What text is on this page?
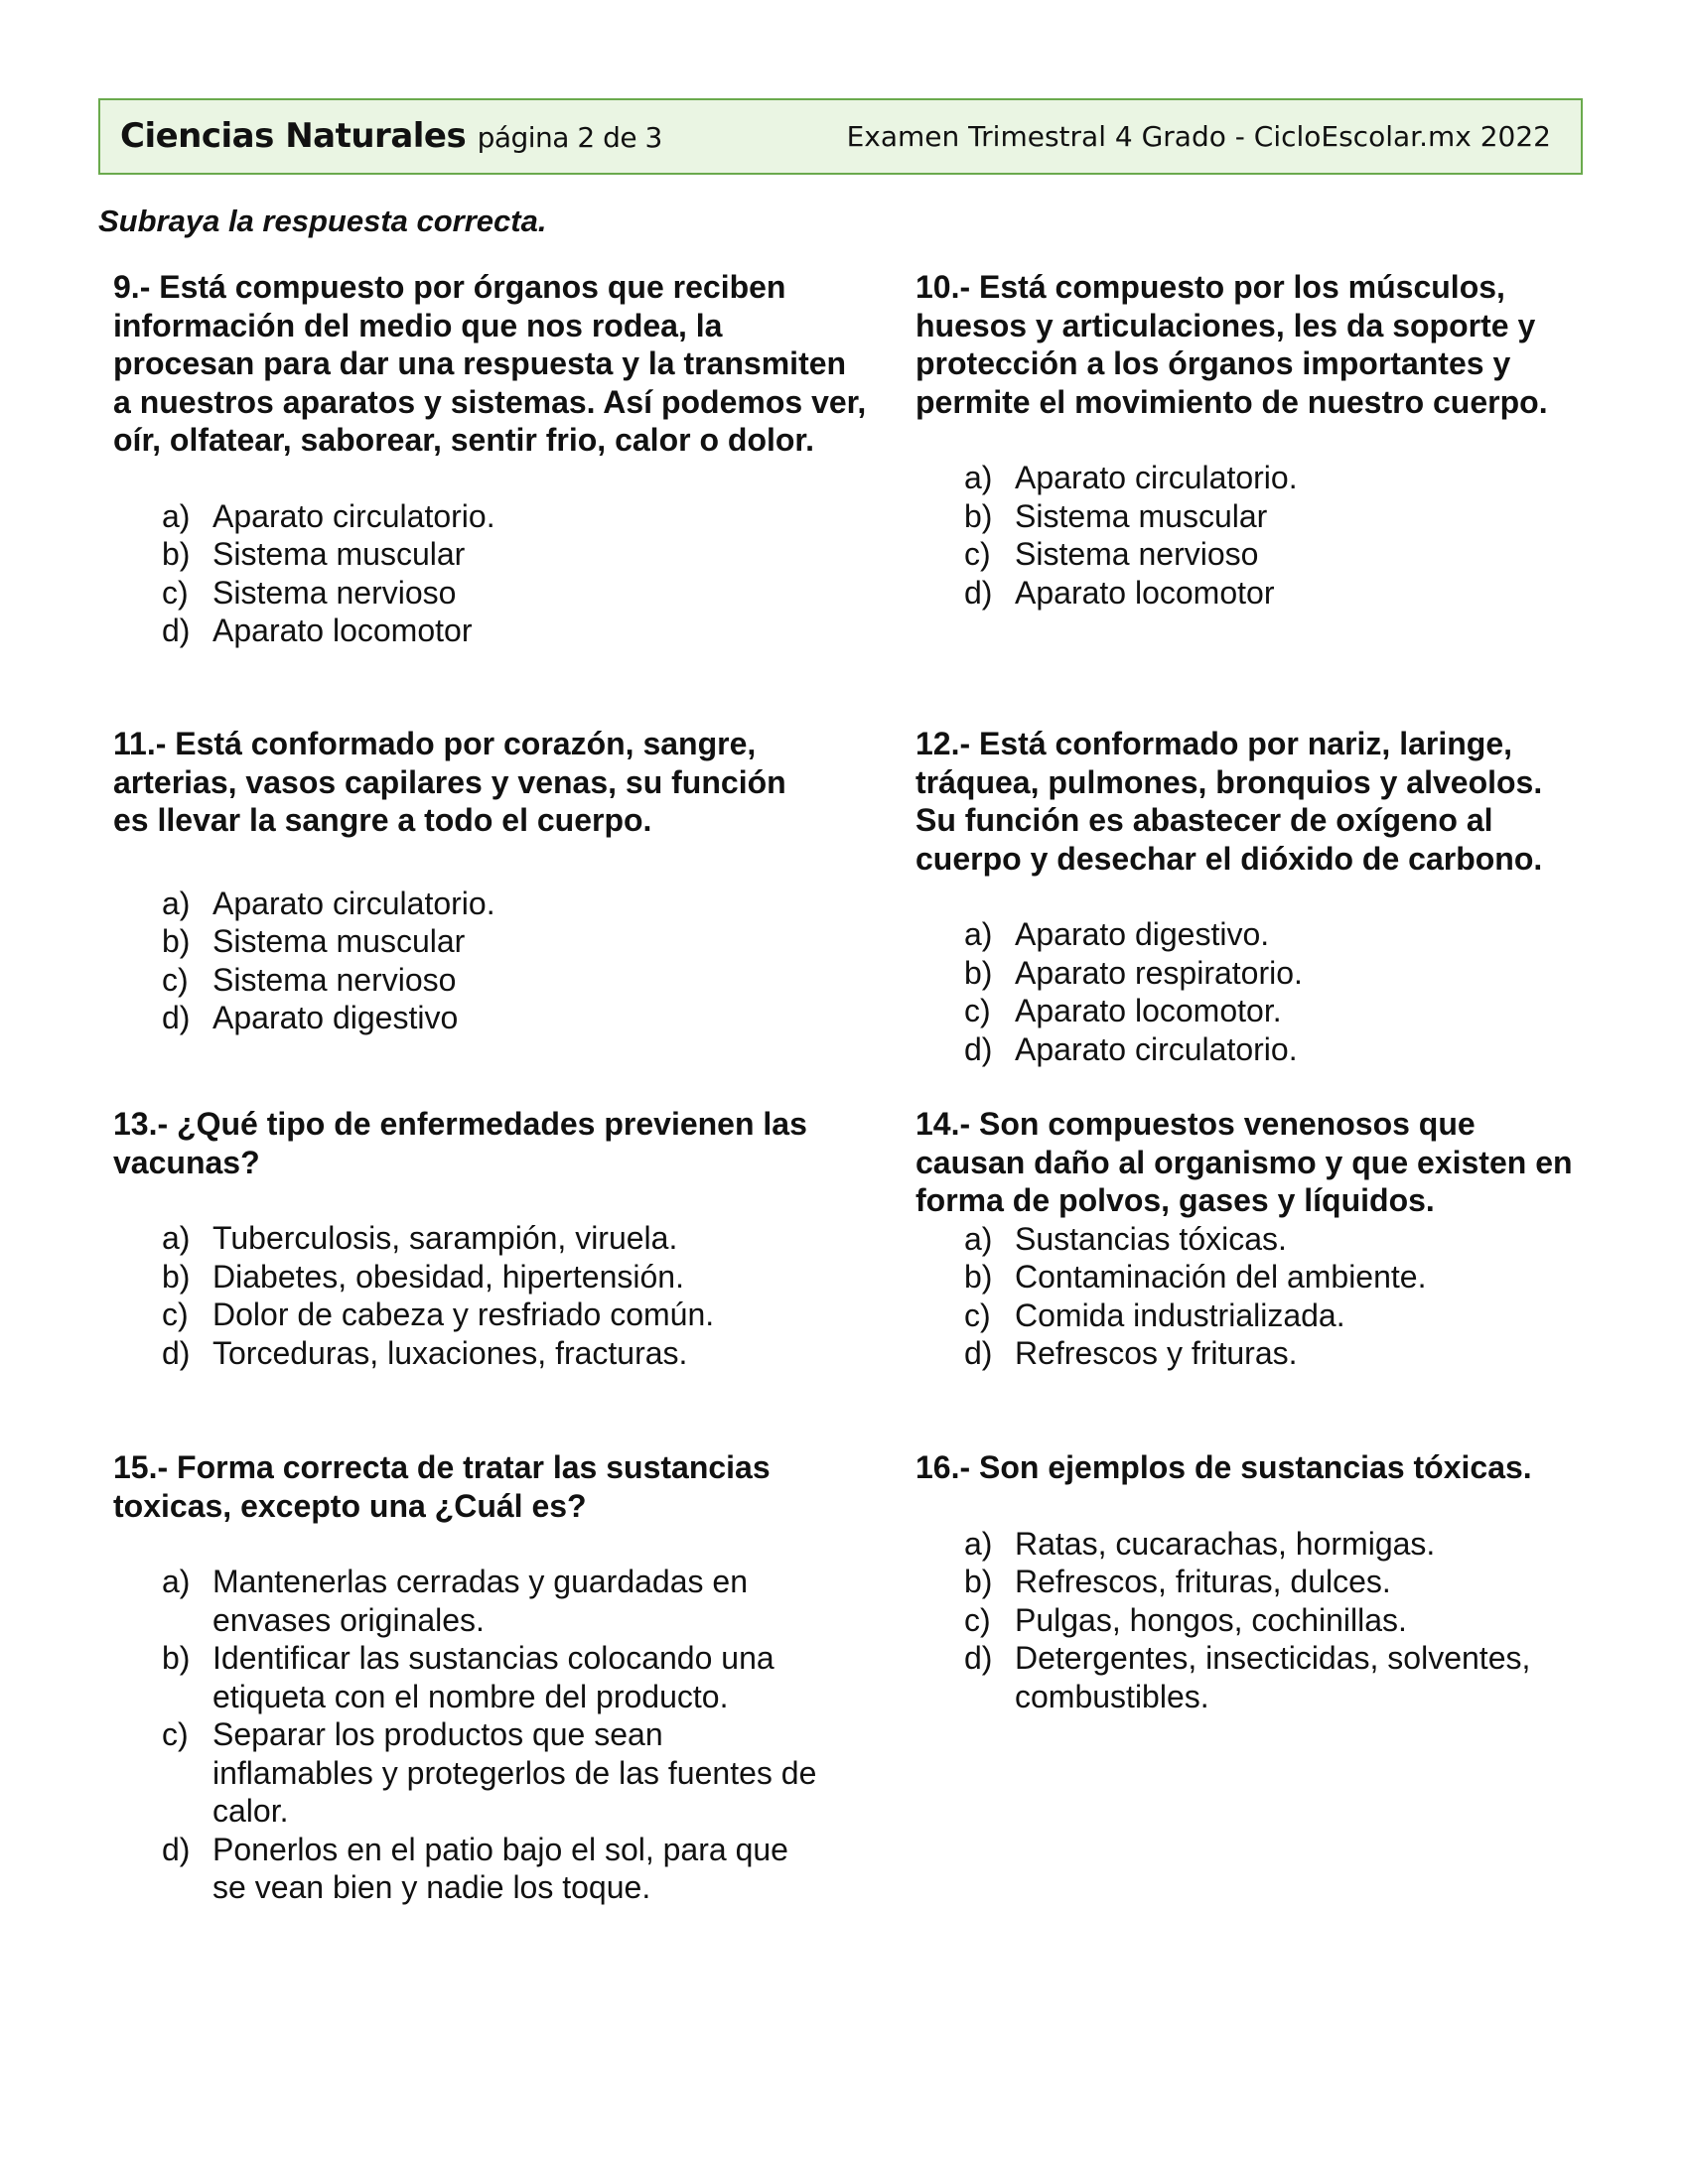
Ciencias Naturales página 2 de 3	Examen Trimestral 4 Grado - CicloEscolar.mx 2022
Subraya la respuesta correcta.

9.- Está compuesto por órganos que reciben información del medio que nos rodea, la procesan para dar una respuesta y la transmiten a nuestros aparatos y sistemas. Así podemos ver, oír, olfatear, saborear, sentir frio, calor o dolor.

a) Aparato circulatorio.
b) Sistema muscular
c) Sistema nervioso
d) Aparato locomotor

10.- Está compuesto por los músculos, huesos y articulaciones, les da soporte y protección a los órganos importantes y permite el movimiento de nuestro cuerpo.

a) Aparato circulatorio.
b) Sistema muscular
c) Sistema nervioso
d) Aparato locomotor

11.- Está conformado por corazón, sangre, arterias, vasos capilares y venas, su función es llevar la sangre a todo el cuerpo.

a) Aparato circulatorio.
b) Sistema muscular
c) Sistema nervioso
d) Aparato digestivo

12.- Está conformado por nariz, laringe, tráquea, pulmones, bronquios y alveolos. Su función es abastecer de oxígeno al cuerpo y desechar el dióxido de carbono.

a) Aparato digestivo.
b) Aparato respiratorio.
c) Aparato locomotor.
d) Aparato circulatorio.

13.- ¿Qué tipo de enfermedades previenen las vacunas?

a) Tuberculosis, sarampión, viruela.
b) Diabetes, obesidad, hipertensión.
c) Dolor de cabeza y resfriado común.
d) Torceduras, luxaciones, fracturas.

14.- Son compuestos venenosos que causan daño al organismo y que existen en forma de polvos, gases y líquidos.

a) Sustancias tóxicas.
b) Contaminación del ambiente.
c) Comida industrializada.
d) Refrescos y frituras.

15.- Forma correcta de tratar las sustancias toxicas, excepto una ¿Cuál es?

a) Mantenerlas cerradas y guardadas en envases originales.
b) Identificar las sustancias colocando una etiqueta con el nombre del producto.
c) Separar los productos que sean inflamables y protegerlos de las fuentes de calor.
d) Ponerlos en el patio bajo el sol, para que se vean bien y nadie los toque.

16.- Son ejemplos de sustancias tóxicas.

a) Ratas, cucarachas, hormigas.
b) Refrescos, frituras, dulces.
c) Pulgas, hongos, cochinillas.
d) Detergentes, insecticidas, solventes, combustibles.
